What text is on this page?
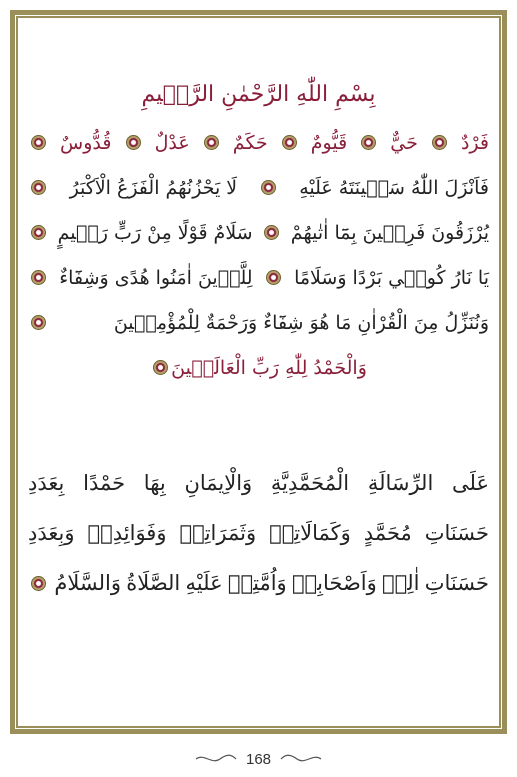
بِسْمِ اللّٰهِ الرَّحْمٰنِ الرَّح۪يمِ
فَرْدٌ
حَيٌّ
قَيُّومٌ
حَكَمٌ
عَدْلٌ
قُدُّوسٌ
فَاَنْزَلَ اللّٰهُ سَك۪ينَتَهُ عَلَيْهِ
لَا يَحْزُنُهُمُ الْفَزَعُ الْاَكْبَرُ
يُرْزَقُونَ فَرِح۪ينَ بِمَٓا اٰتٰيهُمْ
سَلَامٌ قَوْلًا مِنْ رَبٍّ رَح۪يمٍ
يَا نَارُ كُون۪ي بَرْدًا وَسَلَامًا
لِلَّذ۪ينَ اٰمَنُوا هُدًى وَشِفَٓاءٌ
وَنُنَزِّلُ مِنَ الْقُرْاٰنِ مَا هُوَ شِفَٓاءٌ وَرَحْمَةٌ لِلْمُؤْمِن۪ينَ
وَالْحَمْدُ لِلّٰهِ رَبِّ الْعَالَم۪ينَ
عَلَى
الرِّسَالَةِ
الْمُحَمَّدِيَّةِ
وَالْاِيمَانِ
بِهَا
حَمْدًا
بِعَدَدِ
حَسَنَاتِ
مُحَمَّدٍ
وَكَمَالَاتِه۪
وَثَمَرَاتِه۪
وَفَوَائِدِه۪
وَبِعَدَدِ
حَسَنَاتِ
اٰلِه۪
وَاَصْحَابِه۪
وَاُمَّتِه۪
عَلَيْهِ
الصَّلَاةُ
وَالسَّلَامُ
168
